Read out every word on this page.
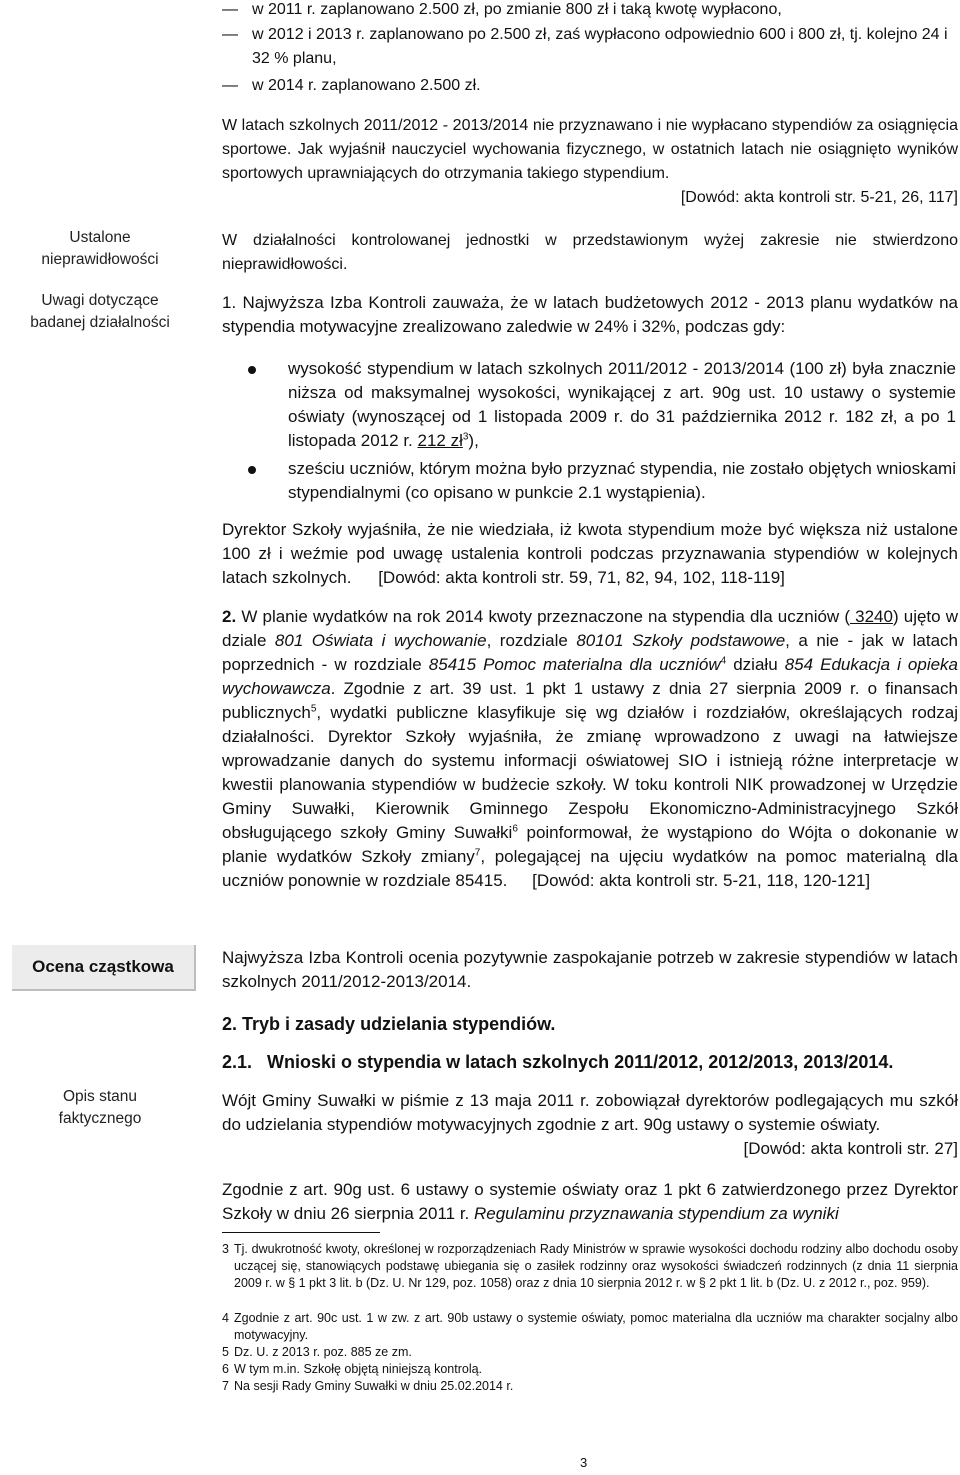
Ustalone
nieprawidłowości
Uwagi dotyczące
badanej działalności
Ocena cząstkowa
Opis stanu
faktycznego
— w 2011 r. zaplanowano 2.500 zł, po zmianie 800 zł i taką kwotę wypłacono,
— w 2012 i 2013 r. zaplanowano po 2.500 zł, zaś wypłacono odpowiednio 600 i 800 zł, tj. kolejno 24 i 32 % planu,
— w 2014 r. zaplanowano 2.500 zł.
W latach szkolnych 2011/2012 - 2013/2014 nie przyznawano i nie wypłacano stypendiów za osiągnięcia sportowe. Jak wyjaśnił nauczyciel wychowania fizycznego, w ostatnich latach nie osiągnięto wyników sportowych uprawniających do otrzymania takiego stypendium.
[Dowód: akta kontroli str. 5-21, 26, 117]
W działalności kontrolowanej jednostki w przedstawionym wyżej zakresie nie stwierdzono nieprawidłowości.
1. Najwyższa Izba Kontroli zauważa, że w latach budżetowych 2012 - 2013 planu wydatków na stypendia motywacyjne zrealizowano zaledwie w 24% i 32%, podczas gdy:
wysokość stypendium w latach szkolnych 2011/2012 - 2013/2014 (100 zł) była znacznie niższa od maksymalnej wysokości, wynikającej z art. 90g ust. 10 ustawy o systemie oświaty (wynoszącej od 1 listopada 2009 r. do 31 października 2012 r. 182 zł, a po 1 listopada 2012 r. 212 $zł^3$),
sześciu uczniów, którym można było przyznać stypendia, nie zostało objętych wnioskami stypendialnymi (co opisano w punkcie 2.1 wystąpienia).
Dyrektor Szkoły wyjaśniła, że nie wiedziała, iż kwota stypendium może być większa niż ustalone 100 zł i weźmie pod uwagę ustalenia kontroli podczas przyznawania stypendiów w kolejnych latach szkolnych. [Dowód: akta kontroli str. 59, 71, 82, 94, 102, 118-119]
2. W planie wydatków na rok 2014 kwoty przeznaczone na stypendia dla uczniów ( 3240) ujęto w dziale 801 Oświata i wychowanie, rozdziale 80101 Szkoły podstawowe, a nie - jak w latach poprzednich - w rozdziale 85415 Pomoc materialna dla uczniów$^4$ działu 854 Edukacja i opieka wychowawcza. Zgodnie z art. 39 ust. 1 pkt 1 ustawy z dnia 27 sierpnia 2009 r. o finansach publicznych$^5$, wydatki publiczne klasyfikuje się wg działów i rozdziałów, określających rodzaj działalności. Dyrektor Szkoły wyjaśniła, że zmianę wprowadzono z uwagi na łatwiejsze wprowadzanie danych do systemu informacji oświatowej SIO i istnieją różne interpretacje w kwestii planowania stypendiów w budżecie szkoły. W toku kontroli NIK prowadzonej w Urzędzie Gminy Suwałki, Kierownik Gminnego Zespołu Ekonomiczno-Administracyjnego Szkół obsługującego szkoły Gminy Suwałki$^6$ poinformował, że wystąpiono do Wójta o dokonanie w planie wydatków Szkoły zmiany$^7$, polegającej na ujęciu wydatków na pomoc materialną dla uczniów ponownie w rozdziale 85415. [Dowód: akta kontroli str. 5-21, 118, 120-121]
Najwyższa Izba Kontroli ocenia pozytywnie zaspokajanie potrzeb w zakresie stypendiów w latach szkolnych 2011/2012-2013/2014.
2. Tryb i zasady udzielania stypendiów.
2.1. Wnioski o stypendia w latach szkolnych 2011/2012, 2012/2013, 2013/2014.
Wójt Gminy Suwałki w piśmie z 13 maja 2011 r. zobowiązał dyrektorów podlegających mu szkół do udzielania stypendiów motywacyjnych zgodnie z art. 90g ustawy o systemie oświaty.
[Dowód: akta kontroli str. 27]
Zgodnie z art. 90g ust. 6 ustawy o systemie oświaty oraz 1 pkt 6 zatwierdzonego przez Dyrektor Szkoły w dniu 26 sierpnia 2011 r. Regulaminu przyznawania stypendium za wyniki
3 Tj. dwukrotność kwoty, określonej w rozporządzeniach Rady Ministrów w sprawie wysokości dochodu rodziny albo dochodu osoby uczącej się, stanowiących podstawę ubiegania się o zasiłek rodzinny oraz wysokości świadczeń rodzinnych (z dnia 11 sierpnia 2009 r. w § 1 pkt 3 lit. b (Dz. U. Nr 129, poz. 1058) oraz z dnia 10 sierpnia 2012 r. w § 2 pkt 1 lit. b (Dz. U. z 2012 r., poz. 959).
4 Zgodnie z art. 90c ust. 1 w zw. z art. 90b ustawy o systemie oświaty, pomoc materialna dla uczniów ma charakter socjalny albo motywacyjny.
5 Dz. U. z 2013 r. poz. 885 ze zm.
6 W tym m.in. Szkołę objętą niniejszą kontrolą.
7 Na sesji Rady Gminy Suwałki w dniu 25.02.2014 r.
3
